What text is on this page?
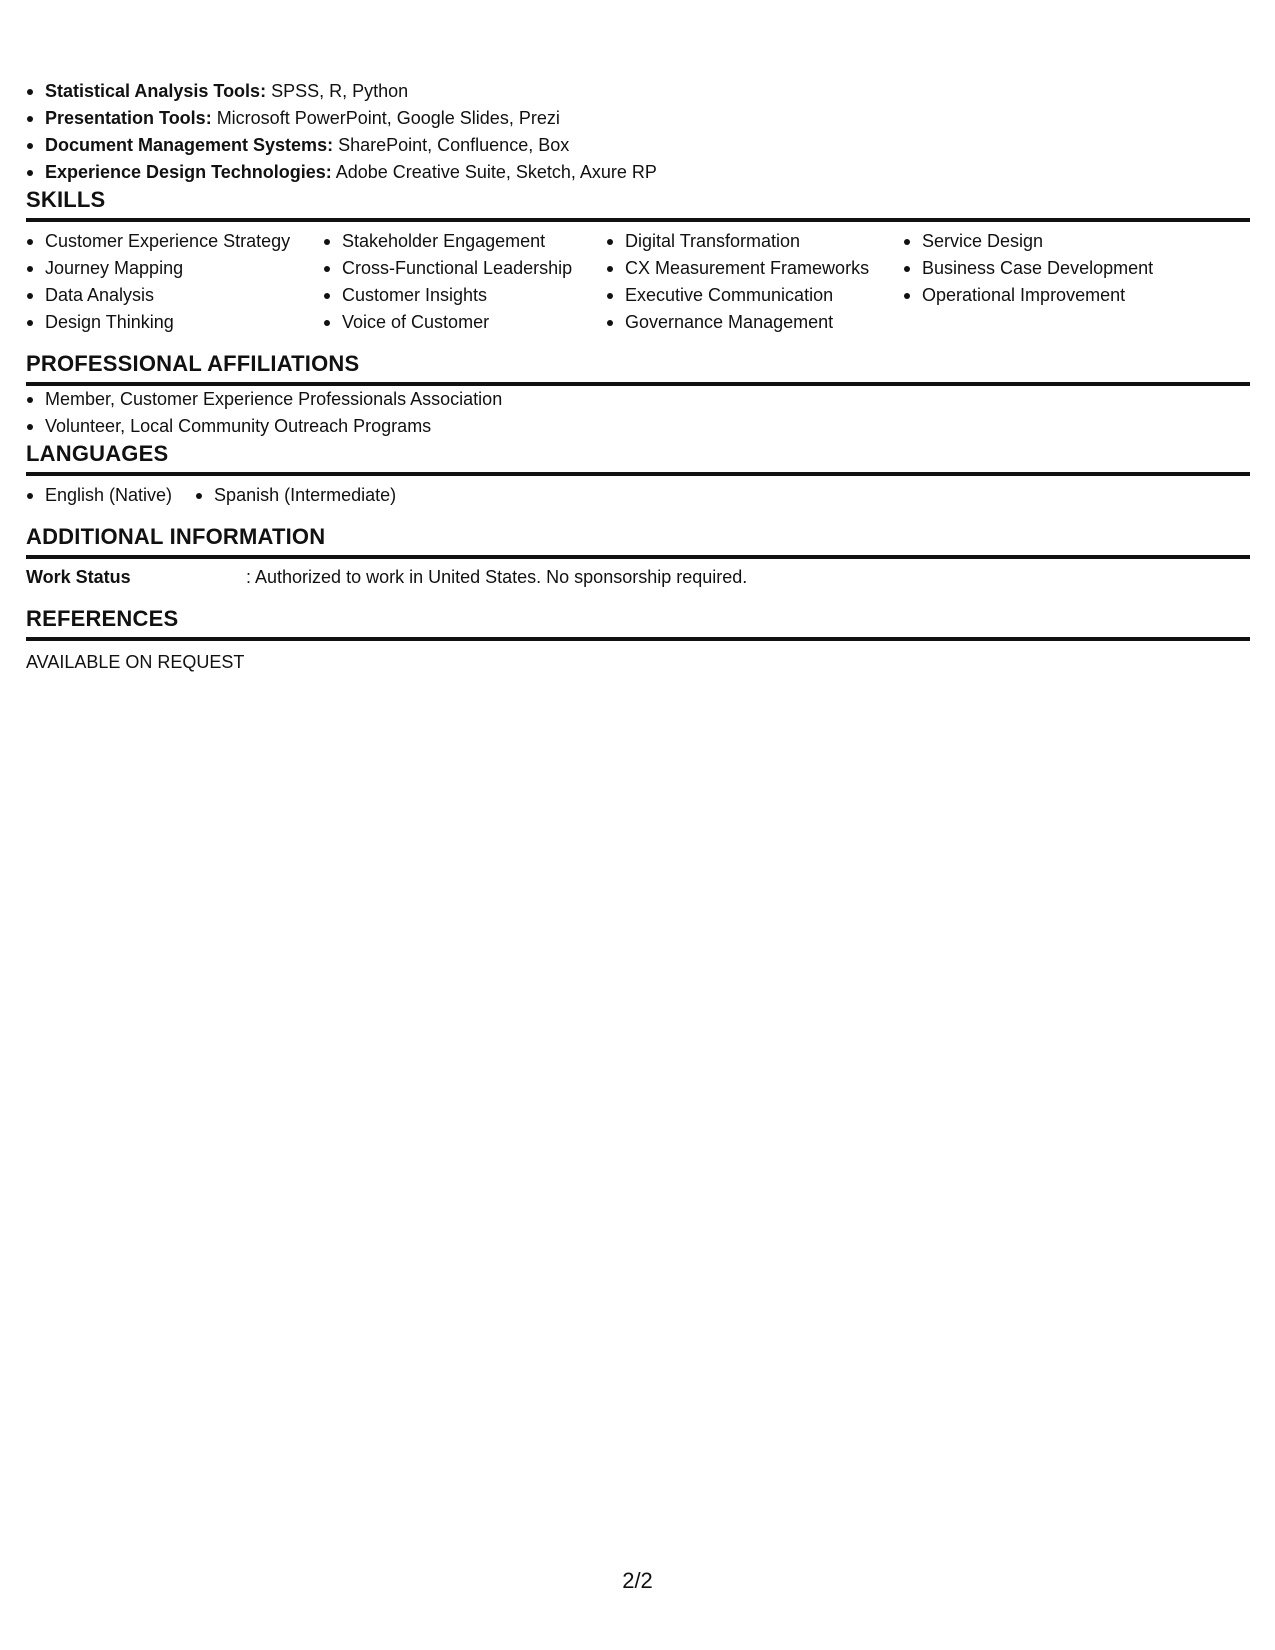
Statistical Analysis Tools: SPSS, R, Python
Presentation Tools: Microsoft PowerPoint, Google Slides, Prezi
Document Management Systems: SharePoint, Confluence, Box
Experience Design Technologies: Adobe Creative Suite, Sketch, Axure RP
SKILLS
Customer Experience Strategy
Journey Mapping
Data Analysis
Design Thinking
Stakeholder Engagement
Cross-Functional Leadership
Customer Insights
Voice of Customer
Digital Transformation
CX Measurement Frameworks
Executive Communication
Governance Management
Service Design
Business Case Development
Operational Improvement
PROFESSIONAL AFFILIATIONS
Member, Customer Experience Professionals Association
Volunteer, Local Community Outreach Programs
LANGUAGES
English (Native)	Spanish (Intermediate)
ADDITIONAL INFORMATION
Work Status	: Authorized to work in United States. No sponsorship required.
REFERENCES
AVAILABLE ON REQUEST
2/2
